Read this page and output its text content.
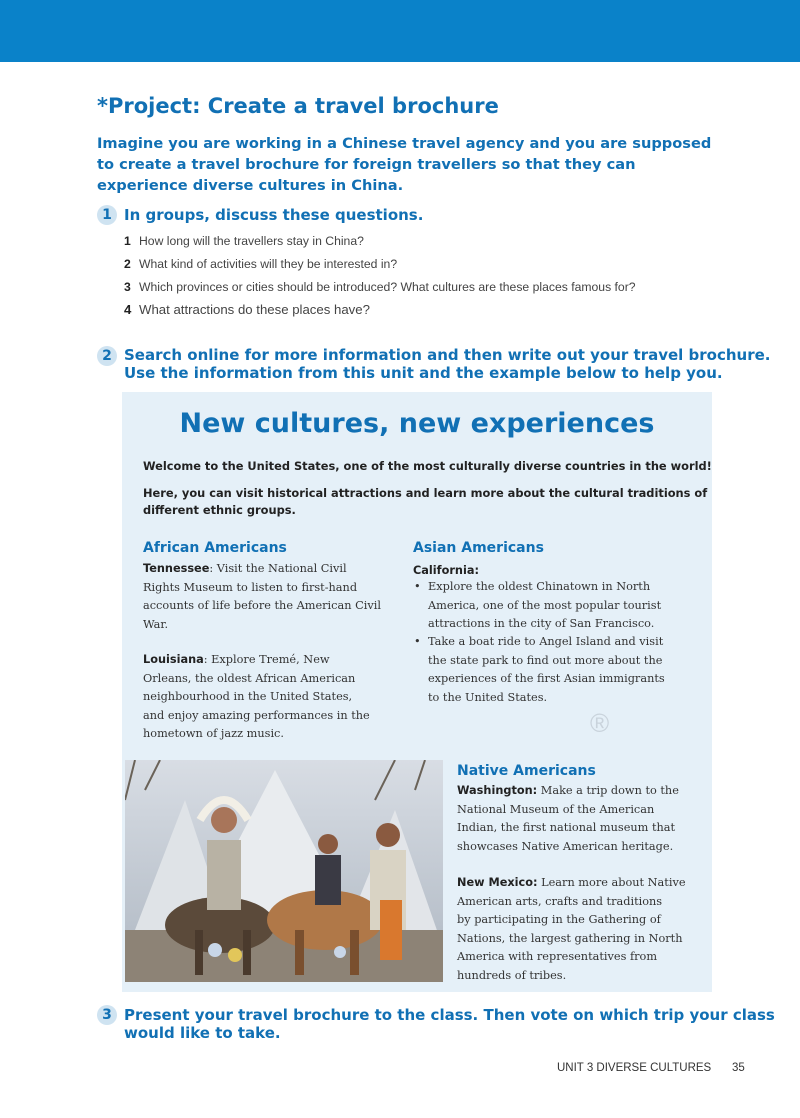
*Project: Create a travel brochure
Imagine you are working in a Chinese travel agency and you are supposed to create a travel brochure for foreign travellers so that they can experience diverse cultures in China.
1 In groups, discuss these questions.
1 How long will the travellers stay in China?
2 What kind of activities will they be interested in?
3 Which provinces or cities should be introduced? What cultures are these places famous for?
4 What attractions do these places have?
2 Search online for more information and then write out your travel brochure.
Use the information from this unit and the example below to help you.
New cultures, new experiences
Welcome to the United States, one of the most culturally diverse countries in the world!
Here, you can visit historical attractions and learn more about the cultural traditions of
different ethnic groups.
African Americans
Tennessee: Visit the National Civil
Rights Museum to listen to first-hand
accounts of life before the American Civil
War.
Louisiana: Explore Tremé, New
Orleans, the oldest African American
neighbourhood in the United States,
and enjoy amazing performances in the
hometown of jazz music.
Asian Americans
California:
• Explore the oldest Chinatown in North
America, one of the most popular tourist
attractions in the city of San Francisco.
• Take a boat ride to Angel Island and visit
the state park to find out more about the
experiences of the first Asian immigrants
to the United States.
®
Native Americans
Washington: Make a trip down to the
National Museum of the American
Indian, the first national museum that
showcases Native American heritage.
New Mexico: Learn more about Native
American arts, crafts and traditions
by participating in the Gathering of
Nations, the largest gathering in North
America with representatives from
hundreds of tribes.
3 Present your travel brochure to the class. Then vote on which trip your class
would like to take.
UNIT 3 DIVERSE CULTURES 35
